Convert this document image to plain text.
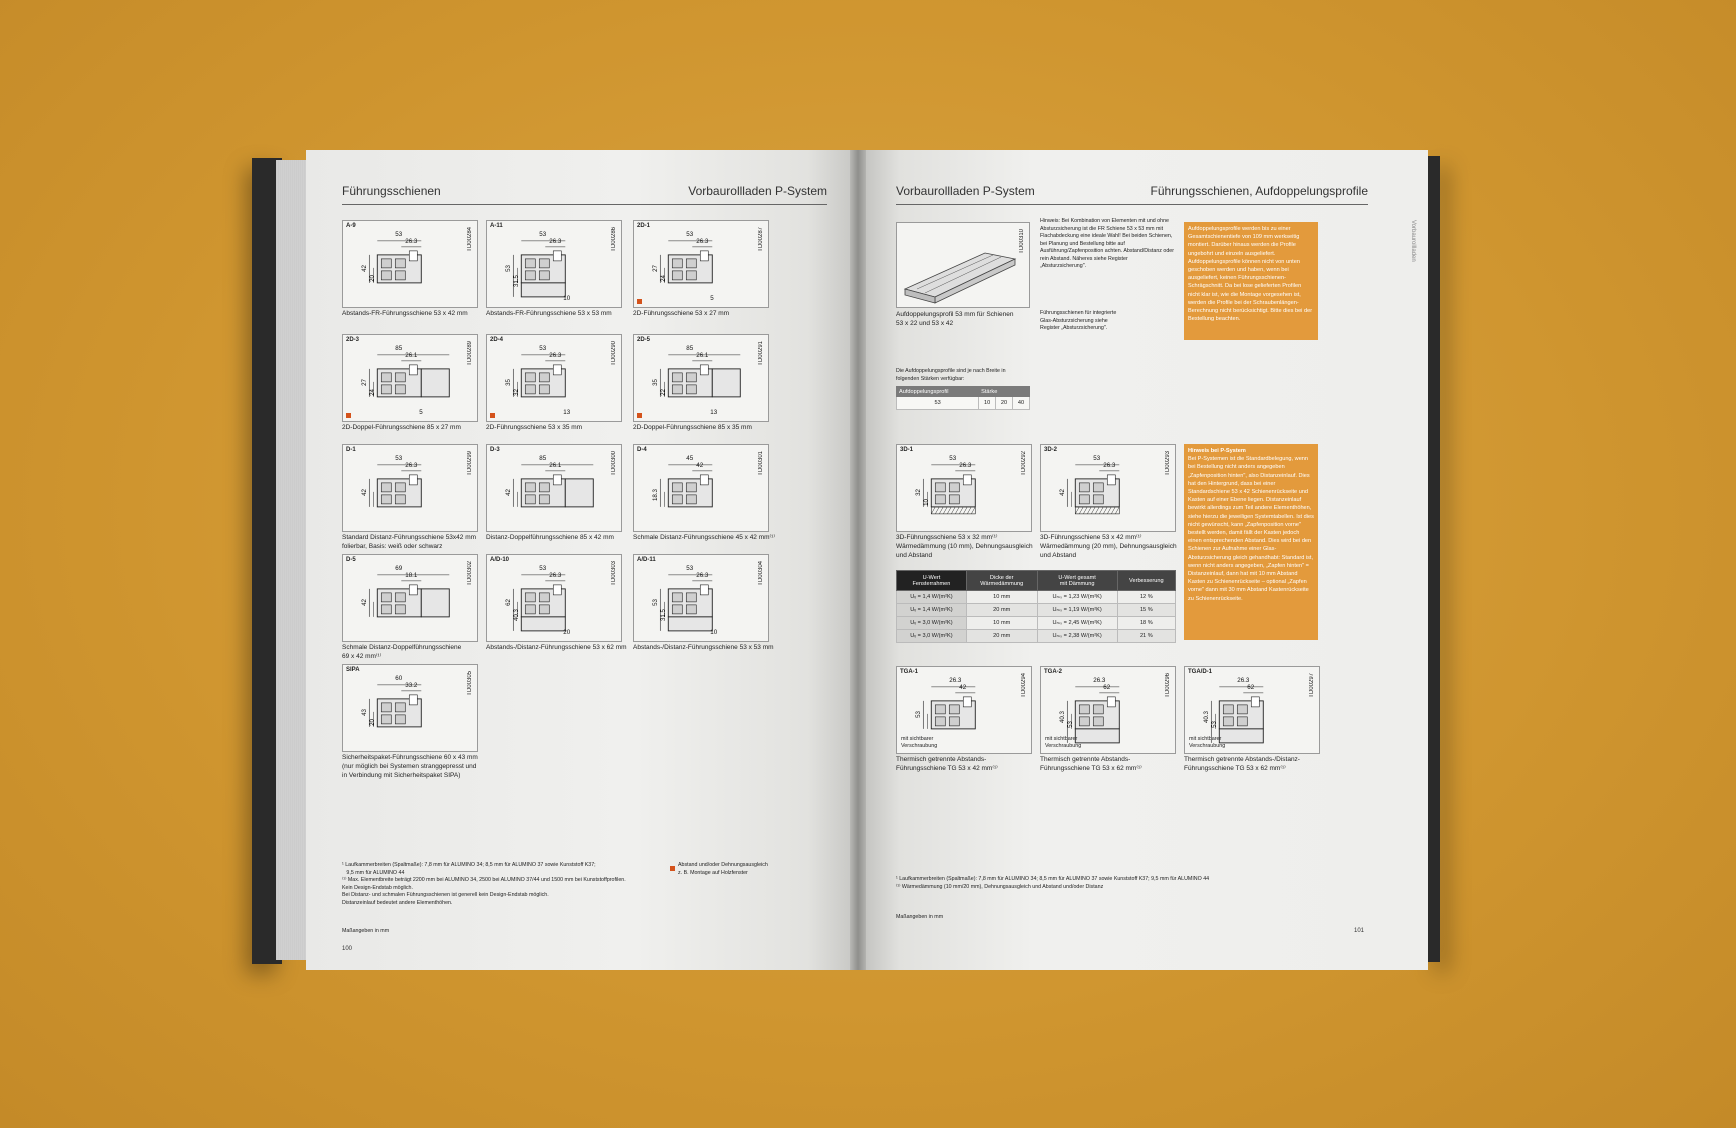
Führungsschienen	Vorbaurollladen P-System
¹ Laufkammerbreiten (Spaltmaße): 7,8 mm für ALUMINO 34; 8,5 mm für ALUMINO 37 sowie Kunststoff K37;
9,5 mm für ALUMINO 44
⁽¹⁾ Max. Elementbreite beträgt 2200 mm bei ALUMINO 34, 2500 bei ALUMINO 37/44 und 1500 mm bei Kunststoffprofilen.
Kein Design-Endstab möglich.
Bei Distanz- und schmalen Führungsschienen ist generell kein Design-Endstab möglich.
Distanzeinlauf bedeutet andere Elementhöhen.
Abstand und/oder Dehnungsausgleich
z. B. Montage auf Holzfenster
Maßangeben in mm
100
A-9
TD00284
53
26.3
42
20
Abstands-FR-Führungsschiene 53 x 42 mm
A-11
TD00286
53
26.3
53
31.5
10
Abstands-FR-Führungsschiene 53 x 53 mm
2D-1
TD00287
53
26.3
27
24
5
2D-Führungsschiene 53 x 27 mm
2D-3
TD00289
85
26.1
27
24
5
2D-Doppel-Führungsschiene 85 x 27 mm
2D-4
TD00290
53
26.3
35
32
13
2D-Führungsschiene 53 x 35 mm
2D-5
TD00291
85
26.1
35
22
13
2D-Doppel-Führungsschiene 85 x 35 mm
D-1
TD00299
53
26.3
42
Standard Distanz-Führungsschiene 53x42 mm
folierbar, Basis: weiß oder schwarz
D-3
TD00300
85
26.1
42
Distanz-Doppelführungsschiene 85 x 42 mm
D-4
TD00301
45
42
18.3
Schmale Distanz-Führungsschiene 45 x 42 mm⁽¹⁾
D-5
TD00302
69
18.1
42
Schmale Distanz-Doppelführungsschiene
69 x 42 mm⁽¹⁾
A/D-10
TD00303
53
26.3
62
40.3
20
Abstands-/Distanz-Führungsschiene 53 x 62 mm
A/D-11
TD00304
53
26.3
53
31.5
10
Abstands-/Distanz-Führungsschiene 53 x 53 mm
SIPA
TD00305
60
33.2
43
20
Sicherheitspaket-Führungsschiene 60 x 43 mm
(nur möglich bei Systemen stranggepresst und
in Verbindung mit Sicherheitspaket SIPA)
Vorbaurollladen P-System	Führungsschienen, Aufdoppelungsprofile
Vorbaurollladen
TD00310
Aufdoppelungsprofil 53 mm für Schienen
53 x 22 und 53 x 42
Hinweis: Bei Kombination von Elementen mit und ohne Absturzsicherung ist die FR Schiene 53 x 53 mm mit Flachabdeckung eine ideale Wahl! Bei beiden Schienen, bei Planung und Bestellung bitte auf Ausführung/Zapfenposition achten. Abstand/Distanz oder rein Abstand. Näheres siehe Register „Absturzsicherung".
Führungsschienen für integrierte
Glas-Absturzsicherung siehe
Register „Absturzsicherung".
Aufdoppelungsprofile werden bis zu einer Gesamtschienentiefe von 109 mm werkseitig montiert. Darüber hinaus werden die Profile ungebohrt und einzeln ausgeliefert. Aufdoppelungsprofile können nicht von unten geschoben werden und haben, wenn bei ausgeliefert, keinen Führungsschienen-Schrägschnitt. Da bei lose gelieferten Profilen nicht klar ist, wie die Montage vorgesehen ist, werden die Profile bei der Schraubenlängen-Berechnung nicht berücksichtigt. Bitte dies bei der Bestellung beachten.
Die Aufdoppelungsprofile sind je nach Breite in
folgenden Stärken verfügbar:
Aufdoppelungsprofil	Stärke		
53	10	20	40
Hinweis bei P-System
Bei P-Systemen ist die Standardbelegung, wenn bei Bestellung nicht anders angegeben „Zapfenposition hinten", also Distanzeinlauf. Dies hat den Hintergrund, dass bei einer Standardschiene 53 x 42 Schienenrückseite und Kasten auf einer Ebene liegen. Distanzeinlauf bewirkt allerdings zum Teil andere Elementhöhen, siehe hierzu die jeweiligen Systemtabellen. Ist dies nicht gewünscht, kann „Zapfenposition vorne" bestellt werden, damit fällt der Kasten jedoch einen entsprechenden Abstand. Dies wird bei den Schienen zur Aufnahme einer Glas-Absturzsicherung gleich gehandhabt: Standard ist, wenn nicht anders angegeben, „Zapfen hinten" = Distanzeinlauf, dann hat mit 10 mm Abstand Kasten zu Schienenrückseite – optional „Zapfen vorne" dann mit 30 mm Abstand Kastenrückseite zu Schienenrückseite.
U-Wert
Fensterrahmen	Dicke der
Wärmedämmung	U-Wert gesamt
mit Dämmung	Verbesserung
Uᵥ = 1,4 W/(m²K)	10 mm	Uₘₛ = 1,23 W/(m²K)	12 %
Uᵥ = 1,4 W/(m²K)	20 mm	Uₘₛ = 1,19 W/(m²K)	15 %
Uᵥ = 3,0 W/(m²K)	10 mm	Uₘₛ = 2,45 W/(m²K)	18 %
Uᵥ = 3,0 W/(m²K)	20 mm	Uₘₛ = 2,38 W/(m²K)	21 %
¹ Laufkammerbreiten (Spaltmaße): 7,8 mm für ALUMINO 34; 8,5 mm für ALUMINO 37 sowie Kunststoff K37; 9,5 mm für ALUMINO 44
⁽¹⁾ Wärmedämmung (10 mm/20 mm), Dehnungsausgleich und Abstand und/oder Distanz
Maßangeben in mm
101
3D-1
TD00292
53
26.3
32
10
3D-Führungsschiene 53 x 32 mm⁽¹⁾
Wärmedämmung (10 mm), Dehnungsausgleich
und Abstand
3D-2
TD00293
53
26.3
42
3D-Führungsschiene 53 x 42 mm⁽¹⁾
Wärmedämmung (20 mm), Dehnungsausgleich
und Abstand
TGA-1
TD00294
26.3
42
53
mit sichtbarer
Verschraubung
Thermisch getrennte Abstands-
Führungsschiene TG 53 x 42 mm⁽¹⁾
TGA-2
TD00296
26.3
62
40.3
53
mit sichtbarer
Verschraubung
Thermisch getrennte Abstands-
Führungsschiene TG 53 x 62 mm⁽¹⁾
TGA/D-1
TD00297
26.3
62
40.3
53
mit sichtbarer
Verschraubung
Thermisch getrennte Abstands-/Distanz-
Führungsschiene TG 53 x 62 mm⁽¹⁾
